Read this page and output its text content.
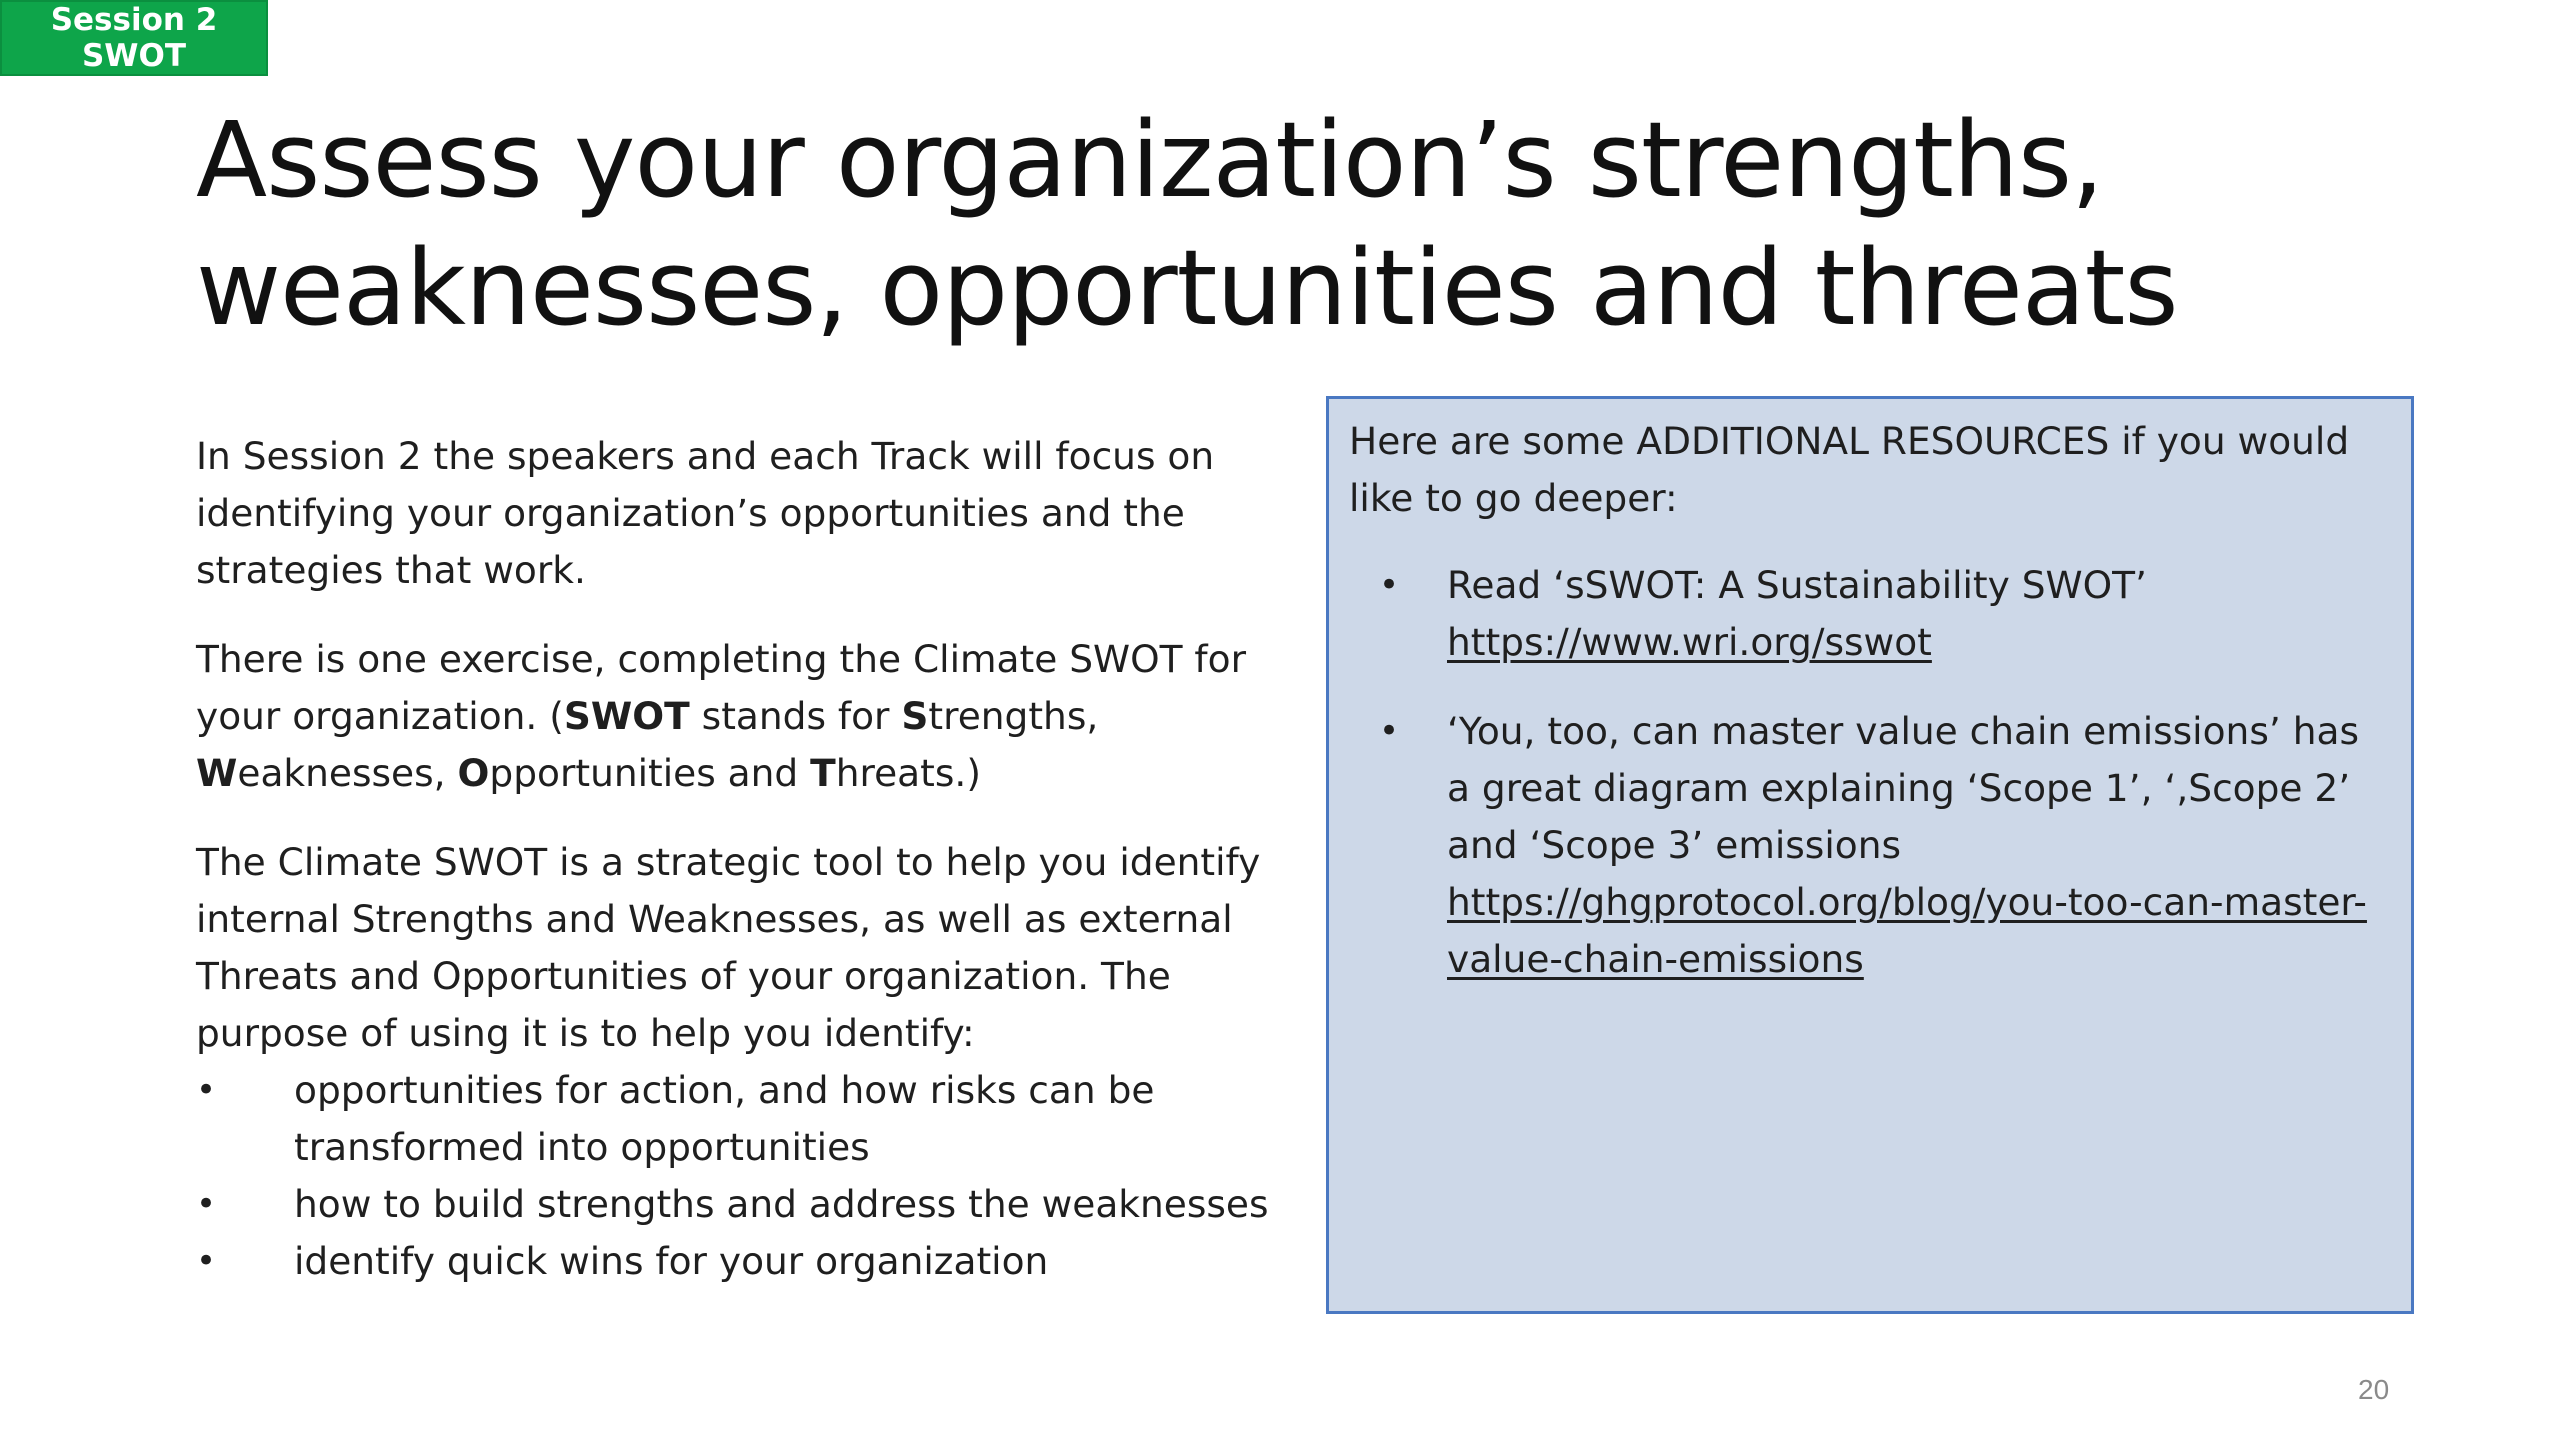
Session 2
SWOT
Assess your organization’s strengths,
weaknesses, opportunities and threats

In Session 2 the speakers and each Track will focus on identifying your organization’s opportunities and the strategies that work.

There is one exercise, completing the Climate SWOT for your organization. (SWOT stands for Strengths, Weaknesses, Opportunities and Threats.)

The Climate SWOT is a strategic tool to help you identify internal Strengths and Weaknesses, as well as external Threats and Opportunities of your organization. The purpose of using it is to help you identify:

• opportunities for action, and how risks can be transformed into opportunities
• how to build strengths and address the weaknesses
• identify quick wins for your organization

Here are some ADDITIONAL RESOURCES if you would like to go deeper:

• Read ‘sSWOT: A Sustainability SWOT’
https://www.wri.org/sswot
• ‘You, too, can master value chain emissions’ has a great diagram explaining ‘Scope 1’, ‘,Scope 2’ and ‘Scope 3’ emissions
https://ghgprotocol.org/blog/you-too-can-master-value-chain-emissions
20
